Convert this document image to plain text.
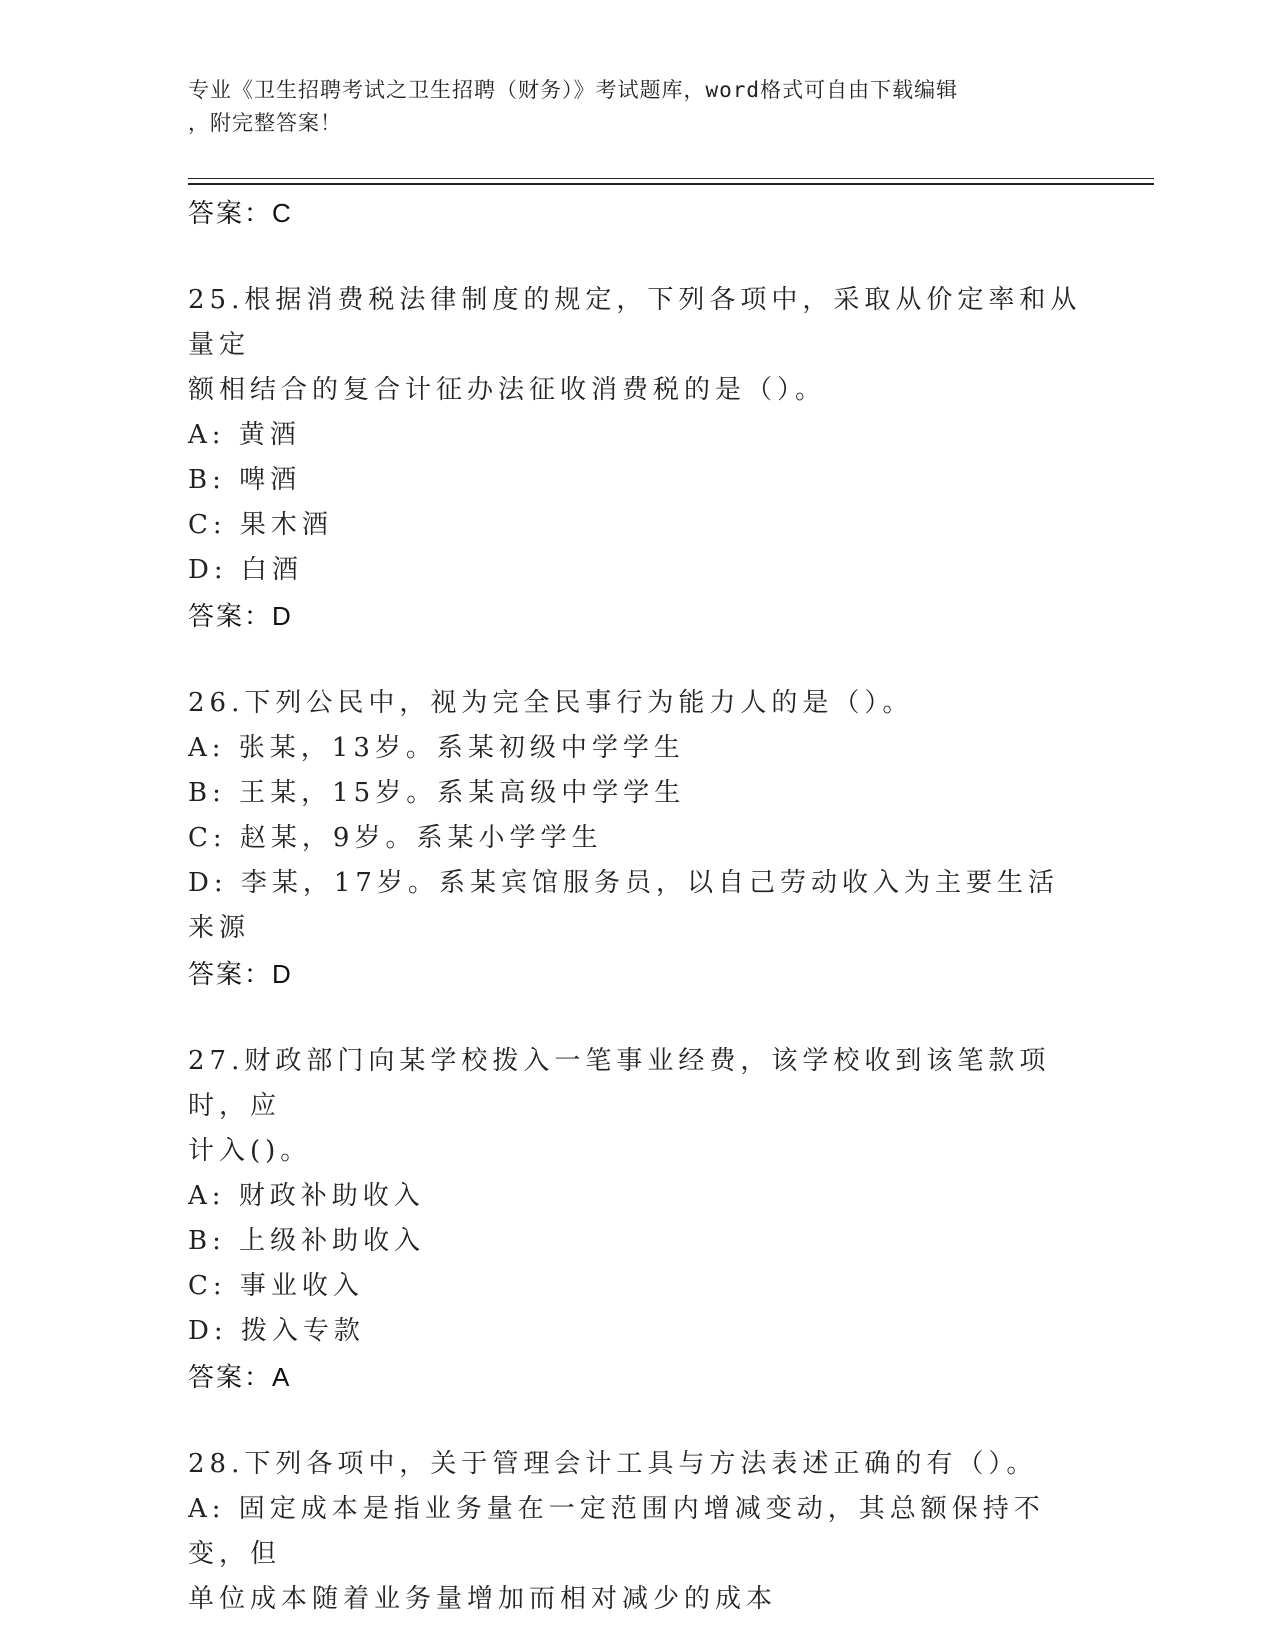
专业《卫生招聘考试之卫生招聘（财务）》考试题库，word格式可自由下载编辑
，附完整答案！
答案：C
25.根据消费税法律制度的规定，下列各项中，采取从价定率和从量定
额相结合的复合计征办法征收消费税的是（）。
A: 黄酒
B: 啤酒
C: 果木酒
D: 白酒
答案：D
26.下列公民中，视为完全民事行为能力人的是（）。
A: 张某，13岁。系某初级中学学生
B: 王某，15岁。系某高级中学学生
C: 赵某，9岁。系某小学学生
D: 李某，17岁。系某宾馆服务员，以自己劳动收入为主要生活来源
答案：D
27.财政部门向某学校拨入一笔事业经费，该学校收到该笔款项时，应
计入()。
A: 财政补助收入
B: 上级补助收入
C: 事业收入
D: 拨入专款
答案：A
28.下列各项中，关于管理会计工具与方法表述正确的有（）。
A: 固定成本是指业务量在一定范围内增减变动，其总额保持不变，但
单位成本随着业务量增加而相对减少的成本
